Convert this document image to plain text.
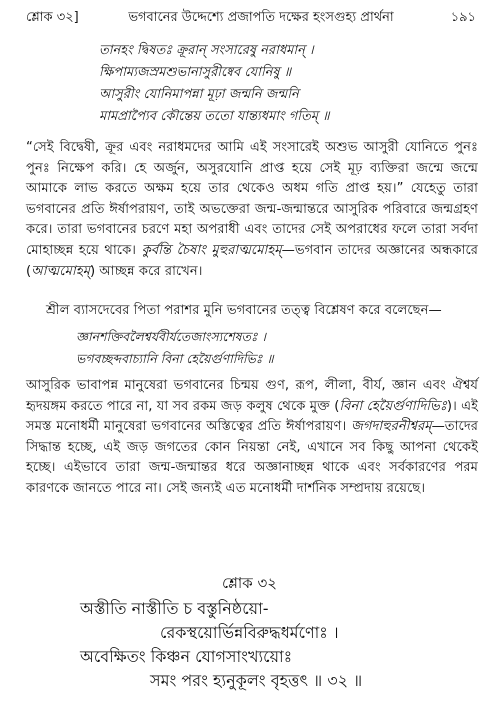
শ্লোক ৩২]	ভগবানের উদ্দেশ্যে প্রজাপতি দক্ষের হংসগুহ্য প্রার্থনা	১৯১
তানহং দ্বিষতঃ ক্রূরান্ সংসারেষু নরাধমান্ ।
ক্ষিপাম্যজস্রমশুভানাসুরীষ্বেব যোনিষু ॥
আসুরীং যোনিমাপন্না মূঢ়া জন্মনি জন্মনি
মামপ্রাপ্যৈব কৌন্তেয় ততো যান্ত্যধমাং গতিম্ ॥
“সেই বিদ্বেষী, ক্রূর এবং নরাধমদের আমি এই সংসারেই অশুভ আসুরী যোনিতে পুনঃ পুনঃ নিক্ষেপ করি। হে অর্জুন, অসুরযোনি প্রাপ্ত হয়ে সেই মূঢ় ব্যক্তিরা জন্মে জন্মে আমাকে লাভ করতে অক্ষম হয়ে তার থেকেও অধম গতি প্রাপ্ত হয়।” যেহেতু তারা ভগবানের প্রতি ঈর্ষাপরায়ণ, তাই অভক্তেরা জন্ম-জন্মান্তরে আসুরিক পরিবারে জন্মগ্রহণ করে। তারা ভগবানের চরণে মহা অপরাধী এবং তাদের সেই অপরাধের ফলে তারা সর্বদা মোহাচ্ছন্ন হয়ে থাকে। কুর্বন্তি চৈষাং মুহুরাত্মমোহম্—ভগবান তাদের অজ্ঞানের অন্ধকারে (আত্মমোহম্) আচ্ছন্ন করে রাখেন।
শ্রীল ব্যাসদেবের পিতা পরাশর মুনি ভগবানের তত্ত্ব বিশ্লেষণ করে বলেছেন—
জ্ঞানশক্তিবলৈশ্বর্যবীর্যতেজাংস্যশেষতঃ ।
ভগবচ্ছব্দবাচ্যানি বিনা হেয়ৈর্গুণাদিভিঃ ॥
আসুরিক ভাবাপন্ন মানুষেরা ভগবানের চিন্ময় গুণ, রূপ, লীলা, বীর্য, জ্ঞান এবং ঐশ্বর্য হৃদয়ঙ্গম করতে পারে না, যা সব রকম জড় কলুষ থেকে মুক্ত (বিনা হেয়ৈর্গুণাদিভিঃ)। এই সমস্ত মনোধর্মী মানুষেরা ভগবানের অস্তিত্বের প্রতি ঈর্ষাপরায়ণ। জগদাহুরনীশ্বরম্—তাদের সিদ্ধান্ত হচ্ছে, এই জড় জগতের কোন নিয়ন্তা নেই, এখানে সব কিছু আপনা থেকেই হচ্ছে। এইভাবে তারা জন্ম-জন্মান্তর ধরে অজ্ঞানাচ্ছন্ন থাকে এবং সর্বকারণের পরম কারণকে জানতে পারে না। সেই জন্যই এত মনোধর্মী দার্শনিক সম্প্রদায় রয়েছে।
শ্লোক ৩২
অস্তীতি নাস্তীতি চ বস্তুনিষ্ঠয়ো-
রেকস্থয়োর্ভিন্নবিরুদ্ধধর্মণোঃ ।
অবেক্ষিতং কিঞ্চন যোগসাংখ্যয়োঃ
সমং পরং হ্যনুকূলং বৃহত্তৎ ॥ ৩২ ॥
